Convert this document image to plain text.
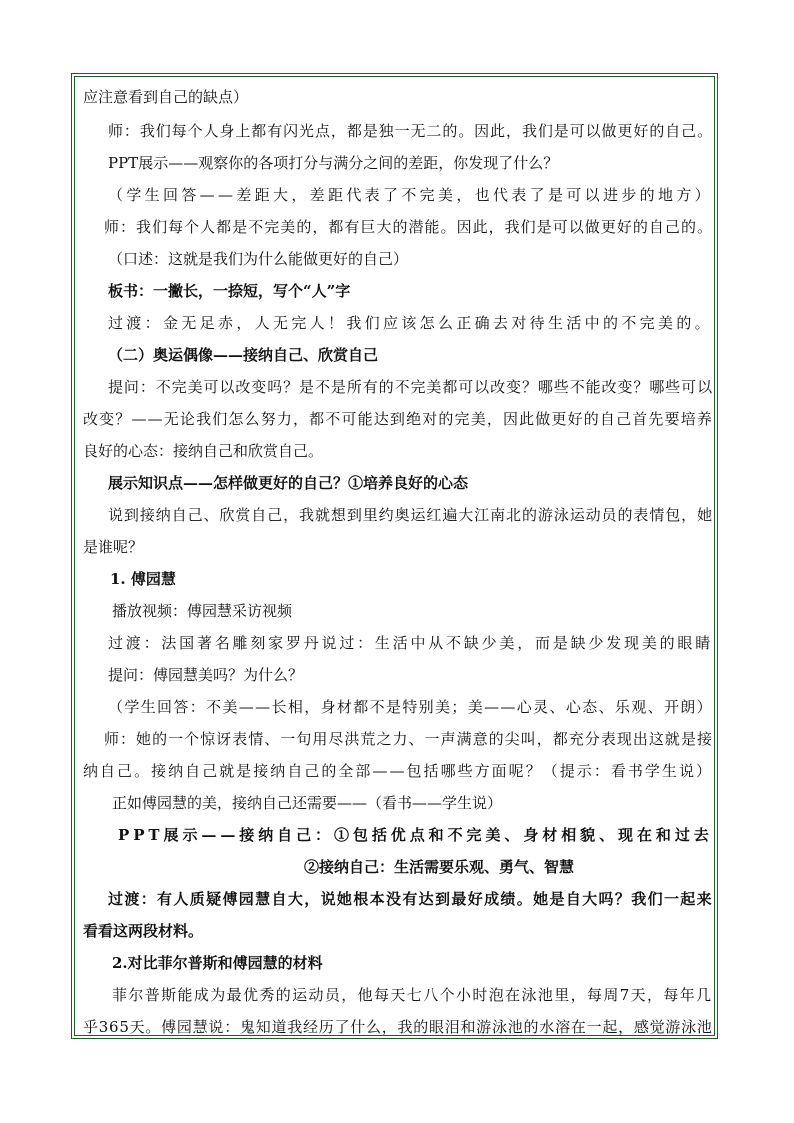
应注意看到自己的缺点）
师：我们每个人身上都有闪光点，都是独一无二的。因此，我们是可以做更好的自己。
PPT展示——观察你的各项打分与满分之间的差距，你发现了什么？
（学生回答——差距大，差距代表了不完美，也代表了是可以进步的地方）
师：我们每个人都是不完美的，都有巨大的潜能。因此，我们是可以做更好的自己的。
（口述：这就是我们为什么能做更好的自己）
板书：一撇长，一捺短，写个“人”字
过渡：金无足赤，人无完人！我们应该怎么正确去对待生活中的不完美的。
（二）奥运偶像——接纳自己、欣赏自己
提问：不完美可以改变吗？是不是所有的不完美都可以改变？哪些不能改变？哪些可以
改变？——无论我们怎么努力，都不可能达到绝对的完美，因此做更好的自己首先要培养
良好的心态：接纳自己和欣赏自己。
展示知识点——怎样做更好的自己？①培养良好的心态
说到接纳自己、欣赏自己，我就想到里约奥运红遍大江南北的游泳运动员的表情包，她
是谁呢？
1. 傅园慧
播放视频：傅园慧采访视频
过渡：法国著名雕刻家罗丹说过：生活中从不缺少美，而是缺少发现美的眼睛
提问：傅园慧美吗？为什么？
（学生回答：不美——长相，身材都不是特别美；美——心灵、心态、乐观、开朗）
师：她的一个惊讶表情、一句用尽洪荒之力、一声满意的尖叫，都充分表现出这就是接
纳自己。接纳自己就是接纳自己的全部——包括哪些方面呢？（提示：看书学生说）
正如傅园慧的美，接纳自己还需要——（看书——学生说）
PPT展示——接纳自己：①包括优点和不完美、身材相貌、现在和过去
②接纳自己：生活需要乐观、勇气、智慧
过渡：有人质疑傅园慧自大，说她根本没有达到最好成绩。她是自大吗？我们一起来
看看这两段材料。
2.对比菲尔普斯和傅园慧的材料
菲尔普斯能成为最优秀的运动员，他每天七八个小时泡在泳池里，每周7天，每年几
乎365天。傅园慧说：鬼知道我经历了什么，我的眼泪和游泳池的水溶在一起，感觉游泳池
